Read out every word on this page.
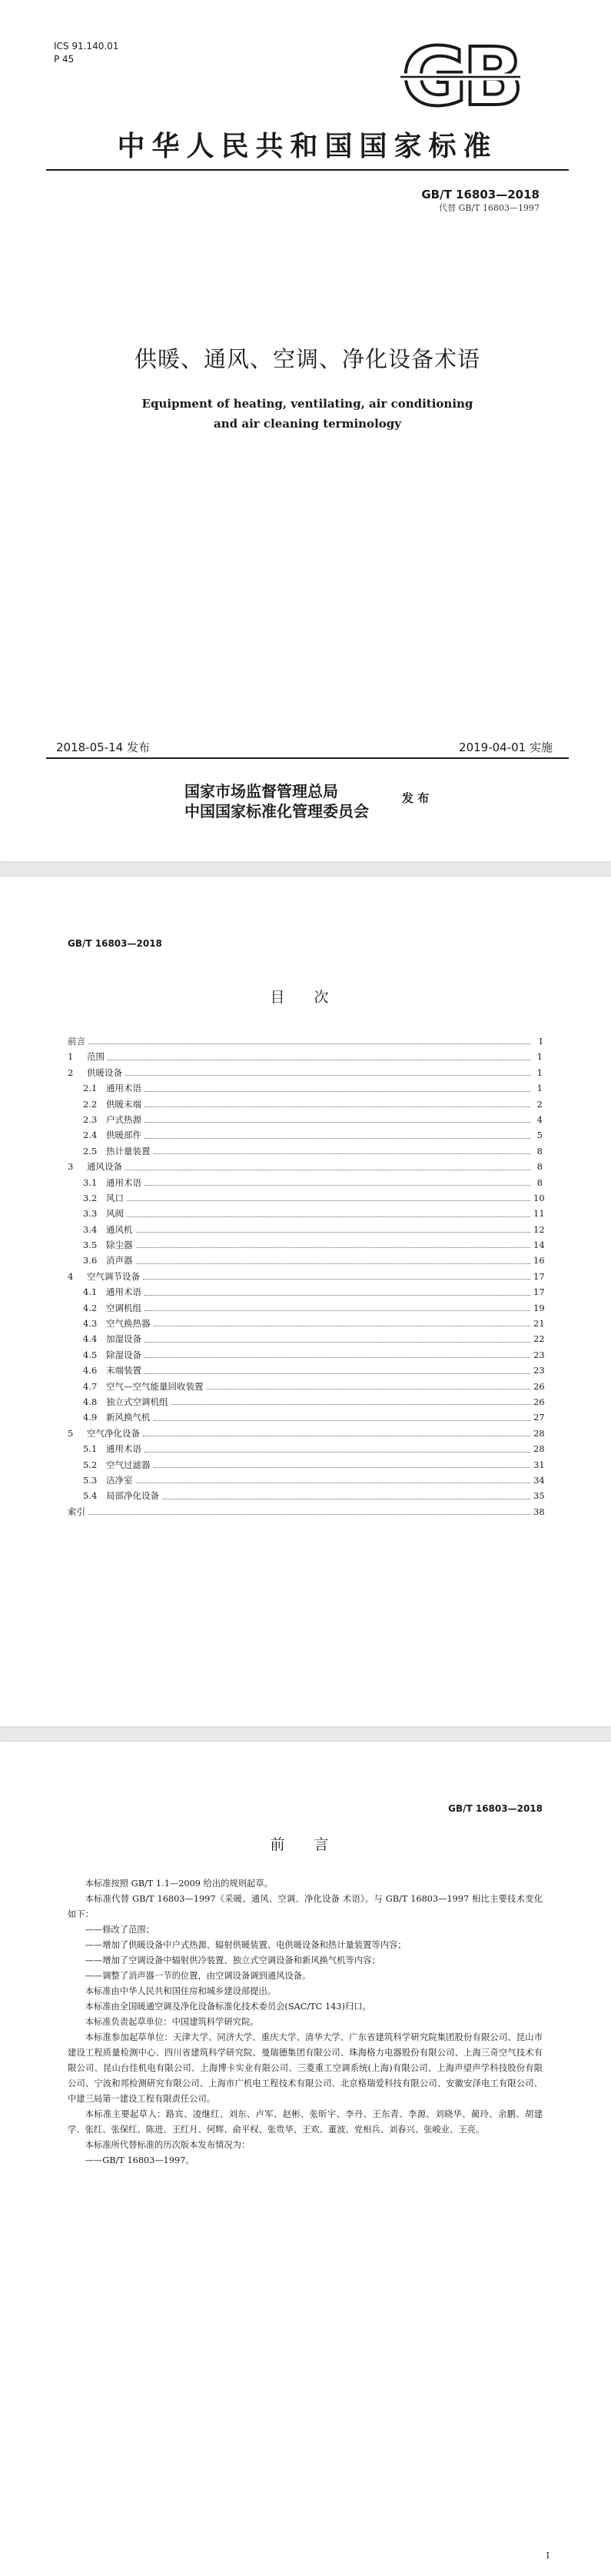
ICS 91.140.01
P 45	GB
中华人民共和国国家标准
GB/T 16803—2018
代替 GB/T 16803—1997
供暖、通风、空调、净化设备术语
Equipment of heating, ventilating, air conditioning
and air cleaning terminology
2018-05-14 发布	2019-04-01 实施
国家市场监督管理总局
中国国家标准化管理委员会
发 布
GB/T 16803—2018
目 次
前言	I
1	范围	1
2	供暖设备	1
2.1	通用术语	1
2.2	供暖末端	2
2.3	户式热源	4
2.4	供暖部件	5
2.5	热计量装置	8
3	通风设备	8
3.1	通用术语	8
3.2	风口	10
3.3	风阀	11
3.4	通风机	12
3.5	除尘器	14
3.6	消声器	16
4	空气调节设备	17
4.1	通用术语	17
4.2	空调机组	19
4.3	空气换热器	21
4.4	加湿设备	22
4.5	除湿设备	23
4.6	末端装置	23
4.7	空气—空气能量回收装置	26
4.8	独立式空调机组	26
4.9	新风换气机	27
5	空气净化设备	28
5.1	通用术语	28
5.2	空气过滤器	31
5.3	洁净室	34
5.4	局部净化设备	35
索引	38
GB/T 16803—2018
前 言

本标准按照 GB/T 1.1—2009 给出的规则起草。

本标准代替 GB/T 16803—1997《采暖、通风、空调、净化设备 术语》。与 GB/T 16803—1997 相比主要技术变化如下：

——修改了范围；

——增加了供暖设备中户式热源、辐射供暖装置、电供暖设备和热计量装置等内容；

——增加了空调设备中辐射供冷装置、独立式空调设备和新风换气机等内容；

——调整了消声器一节的位置，由空调设备调到通风设备。

本标准由中华人民共和国住房和城乡建设部提出。

本标准由全国暖通空调及净化设备标准化技术委员会(SAC/TC 143)归口。

本标准负责起草单位：中国建筑科学研究院。

本标准参加起草单位：天津大学、同济大学、重庆大学、清华大学、广东省建筑科学研究院集团股份有限公司、昆山市建设工程质量检测中心、四川省建筑科学研究院、曼瑞德集团有限公司、珠海格力电器股份有限公司、上海三奇空气技术有限公司、昆山台佳机电有限公司、上海博卡实业有限公司、三菱重工空调系统(上海)有限公司、上海声望声学科技股份有限公司、宁波和邦检测研究有限公司、上海市广机电工程技术有限公司、北京格瑞爱科技有限公司、安徽安泽电工有限公司、中建三局第一建设工程有限责任公司。

本标准主要起草人：路宾、凌继红、刘东、卢军、赵彬、张昕宇、李丹、王东青、李源、刘晓华、蔺玲、余鹏、胡建学、张红、张保红、陈进、王红月、何辉、俞平权、张贵华、王欢、董波、党相兵、刘春兴、张峻业、王亮。

本标准所代替标准的历次版本发布情况为：

——GB/T 16803—1997。

I
